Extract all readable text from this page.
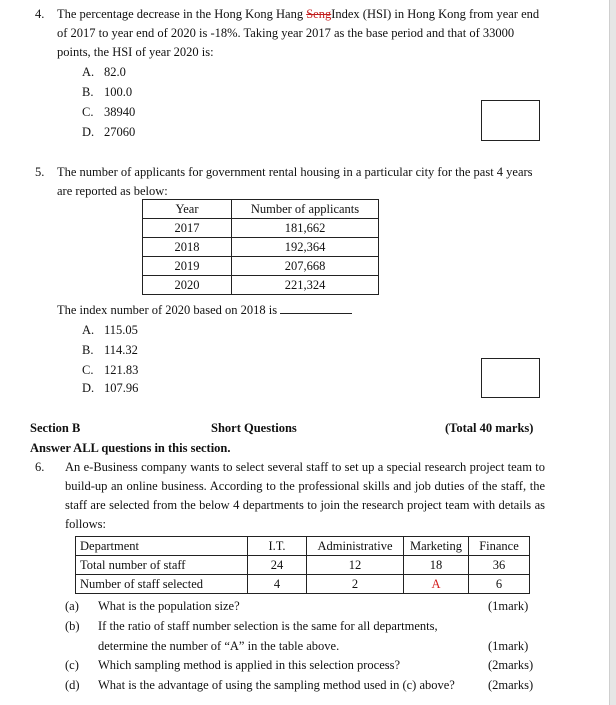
4. The percentage decrease in the Hong Kong Hang SengIndex (HSI) in Hong Kong from year end of 2017 to year end of 2020 is -18%. Taking year 2017 as the base period and that of 33000 points, the HSI of year 2020 is:
A. 82.0
B. 100.0
C. 38940
D. 27060
5. The number of applicants for government rental housing in a particular city for the past 4 years are reported as below:
Year	Number of applicants
2017	181,662
2018	192,364
2019	207,668
2020	221,324
The index number of 2020 based on 2018 is
A. 115.05
B. 114.32
C. 121.83
D. 107.96
Section B	Short Questions	(Total 40 marks)
Answer ALL questions in this section.
6. An e-Business company wants to select several staff to set up a special research project team to build-up an online business. According to the professional skills and job duties of the staff, the staff are selected from the below 4 departments to join the research project team with details as follows:
Department	I.T.	Administrative	Marketing	Finance
Total number of staff	24	12	18	36
Number of staff selected	4	2	A	6
(a) What is the population size?	(1mark)
(b) If the ratio of staff number selection is the same for all departments,
determine the number of “A” in the table above.	(1mark)
(c) Which sampling method is applied in this selection process?	(2marks)
(d) What is the advantage of using the sampling method used in (c) above?	(2marks)
